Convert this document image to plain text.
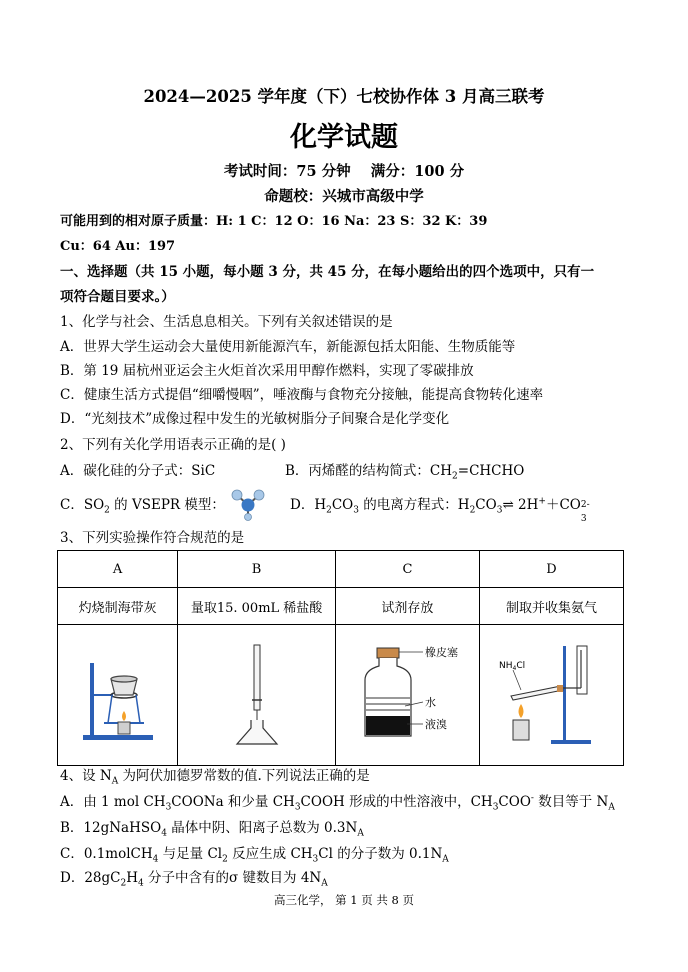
2024—2025 学年度（下）七校协作体 3 月高三联考
化学试题
考试时间：75 分钟 满分：100 分
命题校：兴城市高级中学
可能用到的相对原子质量：H: 1 C：12 O：16 Na：23 S：32 K：39
Cu：64 Au：197
一、选择题（共 15 小题，每小题 3 分，共 45 分，在每小题给出的四个选项中，只有一
项符合题目要求。）
1、化学与社会、生活息息相关。下列有关叙述错误的是
A．世界大学生运动会大量使用新能源汽车，新能源包括太阳能、生物质能等
B．第 19 届杭州亚运会主火炬首次采用甲醇作燃料，实现了零碳排放
C．健康生活方式提倡“细嚼慢咽”，唾液酶与食物充分接触，能提高食物转化速率
D．“光刻技术”成像过程中发生的光敏树脂分子间聚合是化学变化
2、下列有关化学用语表示正确的是( )
A．碳化硅的分子式：SiC	B．丙烯醛的结构简式：$CH_2=CHCHO$
C．$SO_2$ 的 VSEPR 模型：	D．$H_2CO_3$ 的电离方程式：$H_2CO_3\rightleftharpoons$ 2H+＋CO 2-
3
3、下列实验操作符合规范的是
A	B	C	D
灼烧制海带灰	量取15. 00mL 稀盐酸	试剂存放	制取并收集氨气

橡皮塞
水
液溴	$NH_4Cl$
4、设 $N_A$ 为阿伏加德罗常数的值.下列说法正确的是
A．由 1 mol $CH_3COONa$ 和少量 $CH_3COOH$ 形成的中性溶液中，$CH_3COO^-$ 数目等于 $N_A$
B．12gNaHSO$_4$ 晶体中阴、阳离子总数为 $0.3N_A$
C．0.1molCH$_4$ 与足量 $Cl_2$ 反应生成 $CH_3Cl$ 的分子数为 $0.1N_A$
D．$28gC_2H_4$ 分子中含有的σ 键数目为 $4N_A$
高三化学， 第 1 页 共 8 页
